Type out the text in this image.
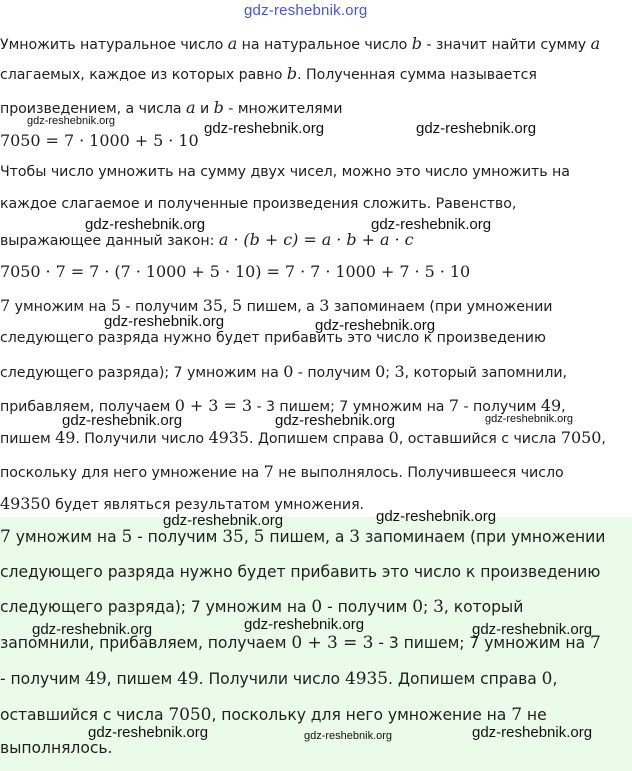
gdz-reshebnik.org
Умножить натуральное число a на натуральное число b - значит найти сумму a
слагаемых, каждое из которых равно b. Полученная сумма называется
произведением, а числа a и b - множителями
7050 = 7 · 1000 + 5 · 10
Чтобы число умножить на сумму двух чисел, можно это число умножить на
каждое слагаемое и полученные произведения сложить. Равенство,
выражающее данный закон: a · (b + c) = a · b + a · c
7050 · 7 = 7 · (7 · 1000 + 5 · 10) = 7 · 7 · 1000 + 7 · 5 · 10
7 умножим на 5 - получим 35, 5 пишем, а 3 запоминаем (при умножении
следующего разряда нужно будет прибавить это число к произведению
следующего разряда); 7 умножим на 0 - получим 0; 3, который запомнили,
прибавляем, получаем 0 + 3 = 3 - 3 пишем; 7 умножим на 7 - получим 49,
пишем 49. Получили число 4935. Допишем справа 0, оставшийся с числа 7050,
поскольку для него умножение на 7 не выполнялось. Получившееся число
49350 будет являться результатом умножения.
7 умножим на 5 - получим 35, 5 пишем, а 3 запоминаем (при умножении
следующего разряда нужно будет прибавить это число к произведению
следующего разряда); 7 умножим на 0 - получим 0; 3, который
запомнили, прибавляем, получаем 0 + 3 = 3 - 3 пишем; 7 умножим на 7
- получим 49, пишем 49. Получили число 4935. Допишем справа 0,
оставшийся с числа 7050, поскольку для него умножение на 7 не
выполнялось.
gdz-reshebnik.org	gdz-reshebnik.org	gdz-reshebnik.org
gdz-reshebnik.org	gdz-reshebnik.org
gdz-reshebnik.org	gdz-reshebnik.org
gdz-reshebnik.org	gdz-reshebnik.org	gdz-reshebnik.org
gdz-reshebnik.org	gdz-reshebnik.org
gdz-reshebnik.org	gdz-reshebnik.org	gdz-reshebnik.org
gdz-reshebnik.org	gdz-reshebnik.org	gdz-reshebnik.org
